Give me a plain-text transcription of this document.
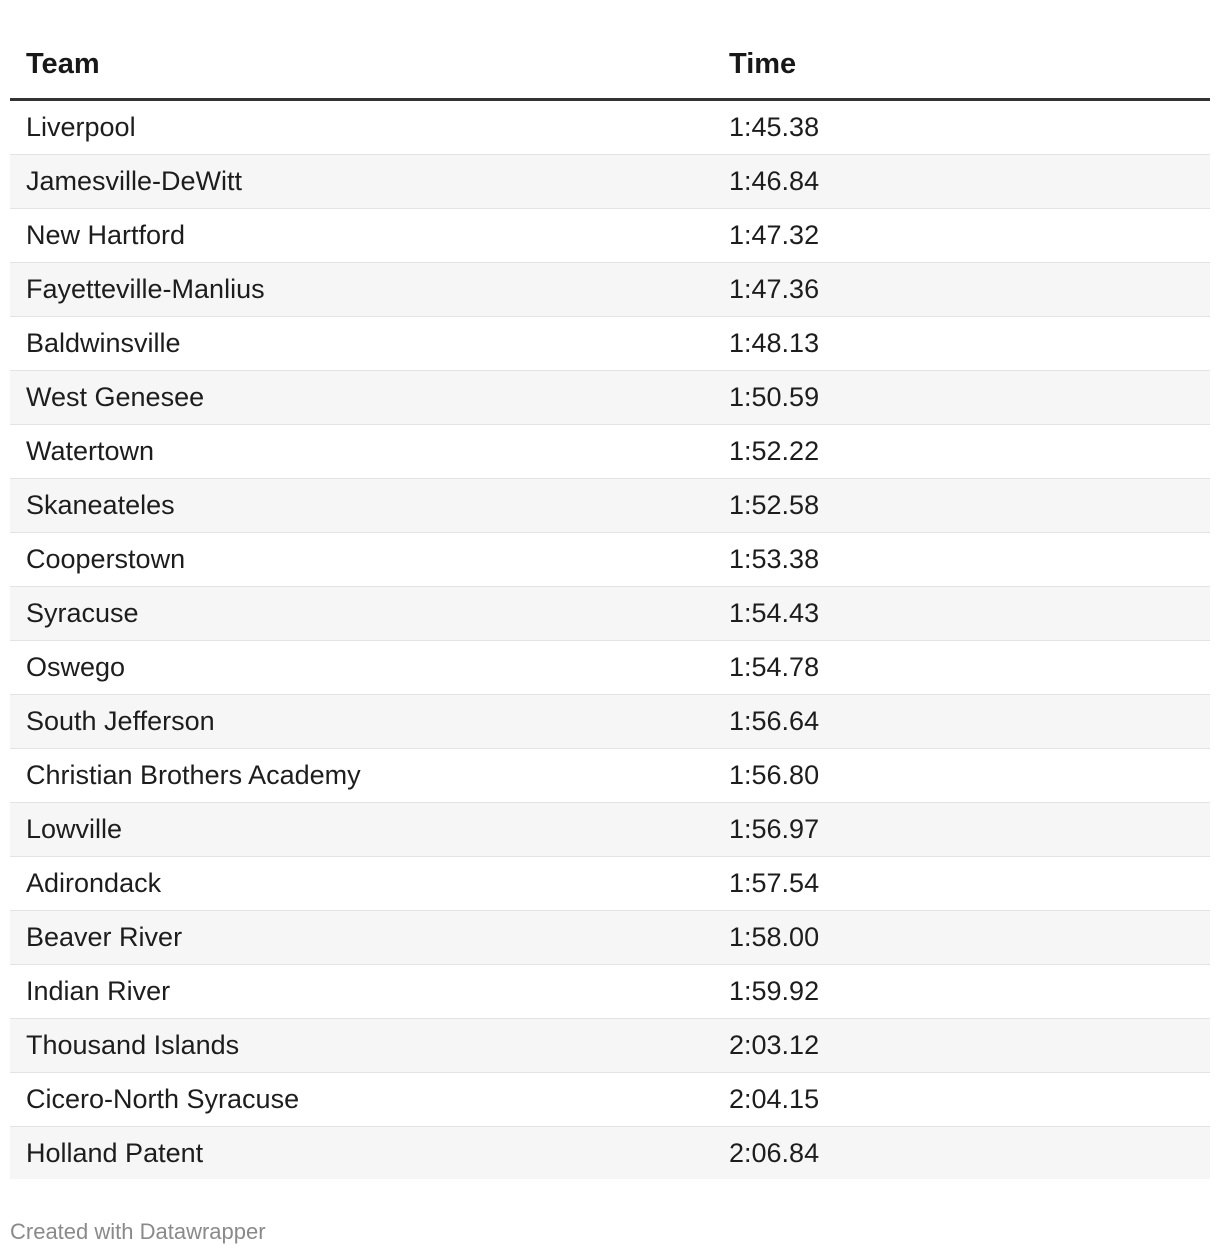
Team	Time
Liverpool	1:45.38
Jamesville-DeWitt	1:46.84
New Hartford	1:47.32
Fayetteville-Manlius	1:47.36
Baldwinsville	1:48.13
West Genesee	1:50.59
Watertown	1:52.22
Skaneateles	1:52.58
Cooperstown	1:53.38
Syracuse	1:54.43
Oswego	1:54.78
South Jefferson	1:56.64
Christian Brothers Academy	1:56.80
Lowville	1:56.97
Adirondack	1:57.54
Beaver River	1:58.00
Indian River	1:59.92
Thousand Islands	2:03.12
Cicero-North Syracuse	2:04.15
Holland Patent	2:06.84
Created with Datawrapper
